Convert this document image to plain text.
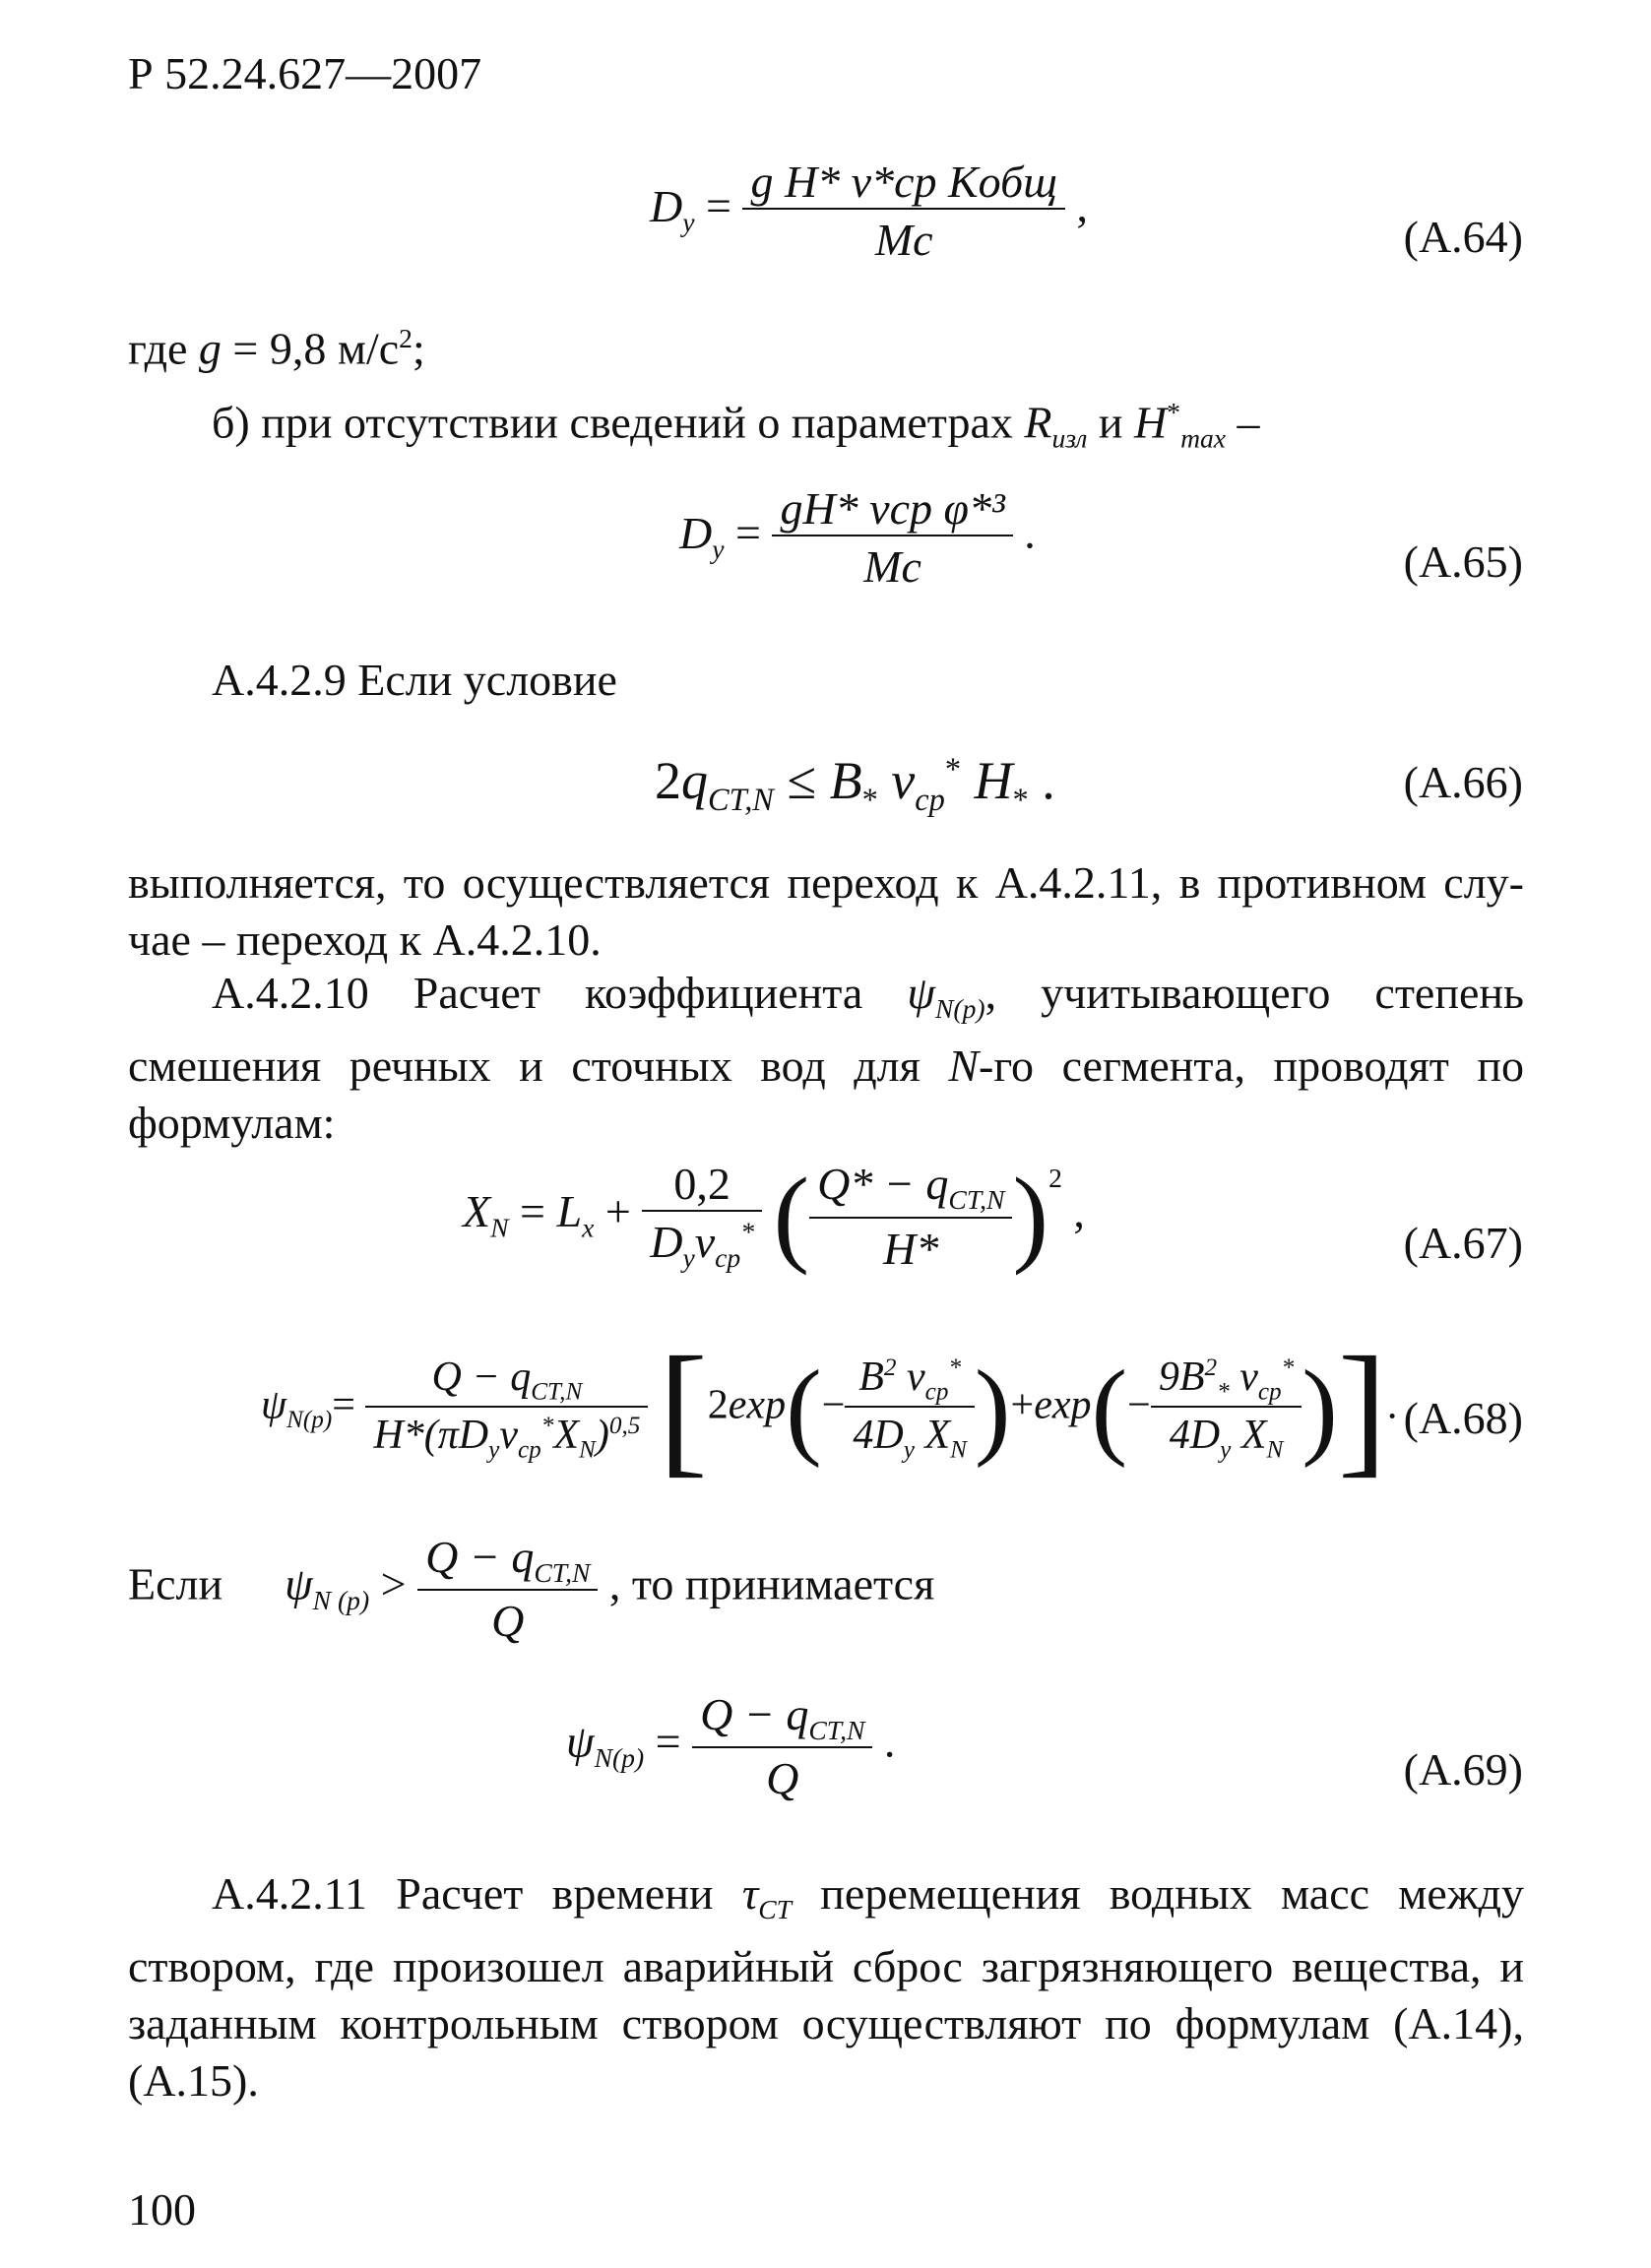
Р 52.24.627—2007
$D_y = \frac{\text{g H* v*cp Kобщ}}{Mc}$ ,
(А.64)
где g = 9,8 $м/с^2$;
б) при отсутствии сведений о параметрах $R_{изл}$ и $H^*_{max}$ –
$D_y = \frac{\text{gH* vcp φ*³}}{Mc}$ .
(А.65)
А.4.2.9 Если условие
$2q_{CT,N} \le B_*$ $v_{cp}^*$ $H_*$ .	(А.66)
выполняется, то осуществляется переход к А.4.2.11, в противном слу-чае – переход к А.4.2.10.
А.4.2.10 Расчет коэффициента $\psi_{N(p)}$, учитывающего степень смешения речных и сточных вод для N-го сегмента, проводят по формулам:
$X_N = L_x + \frac{0,2}{D_yv_{cp}^*}$ ( $\frac{Q* - q_{CT,N}}{H*} )^2$ ,
(А.67)
$\psi_{N(p)}= \frac{Q - q_{CT,N}}{H*(\pi D_yv_{cp}^*X_N)^{0,5}} [2\exp(- \frac{B^2 v_{cp}^*}{4D_y X_N} )+\exp(- \frac{9B^2_* v_{cp}^*}{4D_y X_N}$ )]. (А.68)
Если $\psi_{N (p)} > \frac{Q - q_{CT,N}}{Q}$ , то принимается
$\psi_{N(p)} = \frac{Q - q_{CT,N}}{Q}$ .
(А.69)
А.4.2.11 Расчет времени $\tau_{CT}$ перемещения водных масс между створом, где произошел аварийный сброс загрязняющего вещества, и заданным контрольным створом осуществляют по формулам (А.14), (А.15).
100
